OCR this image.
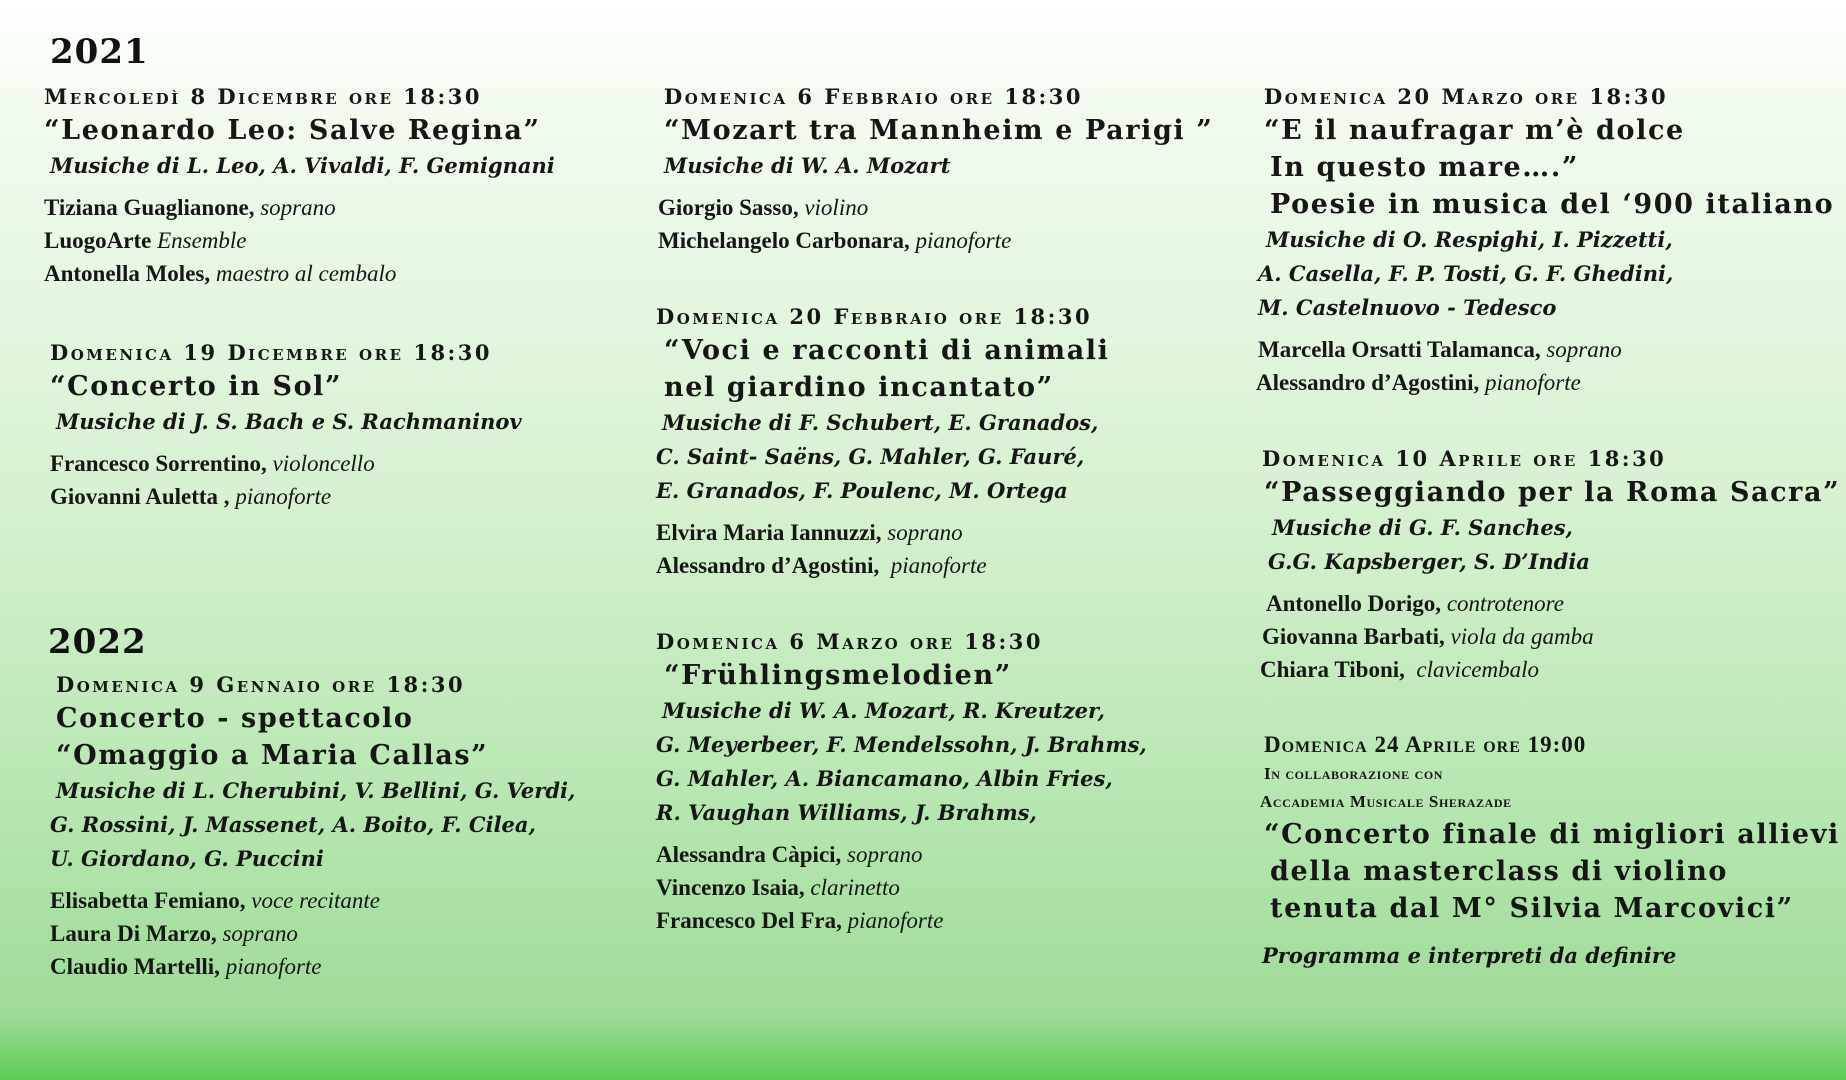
2021
Mercoledì 8 Dicembre ore 18:30
“Leonardo Leo: Salve Regina”
Musiche di L. Leo, A. Vivaldi, F. Gemignani
Tiziana Guaglianone, soprano
LuogoArte Ensemble
Antonella Moles, maestro al cembalo
Domenica 19 Dicembre ore 18:30
“Concerto in Sol”
Musiche di J. S. Bach e S. Rachmaninov
Francesco Sorrentino, violoncello
Giovanni Auletta , pianoforte
2022
Domenica 9 Gennaio ore 18:30
Concerto - spettacolo
“Omaggio a Maria Callas”
Musiche di L. Cherubini, V. Bellini, G. Verdi,
G. Rossini, J. Massenet, A. Boito, F. Cilea,
U. Giordano, G. Puccini
Elisabetta Femiano, voce recitante
Laura Di Marzo, soprano
Claudio Martelli, pianoforte
Domenica 6 Febbraio ore 18:30
“Mozart tra Mannheim e Parigi ”
Musiche di W. A. Mozart
Giorgio Sasso, violino
Michelangelo Carbonara, pianoforte
Domenica 20 Febbraio ore 18:30
“Voci e racconti di animali
nel giardino incantato”
Musiche di F. Schubert, E. Granados,
C. Saint- Saëns, G. Mahler, G. Fauré,
E. Granados, F. Poulenc, M. Ortega
Elvira Maria Iannuzzi, soprano
Alessandro d’Agostini, pianoforte
Domenica 6 Marzo ore 18:30
“Frühlingsmelodien”
Musiche di W. A. Mozart, R. Kreutzer,
G. Meyerbeer, F. Mendelssohn, J. Brahms,
G. Mahler, A. Biancamano, Albin Fries,
R. Vaughan Williams, J. Brahms,
Alessandra Càpici, soprano
Vincenzo Isaia, clarinetto
Francesco Del Fra, pianoforte
Domenica 20 Marzo ore 18:30
“E il naufragar m’è dolce
In questo mare….”
Poesie in musica del ‘900 italiano
Musiche di O. Respighi, I. Pizzetti,
A. Casella, F. P. Tosti, G. F. Ghedini,
M. Castelnuovo - Tedesco
Marcella Orsatti Talamanca, soprano
Alessandro d’Agostini, pianoforte
Domenica 10 Aprile ore 18:30
“Passeggiando per la Roma Sacra”
Musiche di G. F. Sanches,
G.G. Kapsberger, S. D’India
Antonello Dorigo, controtenore
Giovanna Barbati, viola da gamba
Chiara Tiboni, clavicembalo
Domenica 24 Aprile ore 19:00
In collaborazione con
Accademia Musicale Sherazade
“Concerto finale di migliori allievi
della masterclass di violino
tenuta dal M° Silvia Marcovici”
Programma e interpreti da definire
